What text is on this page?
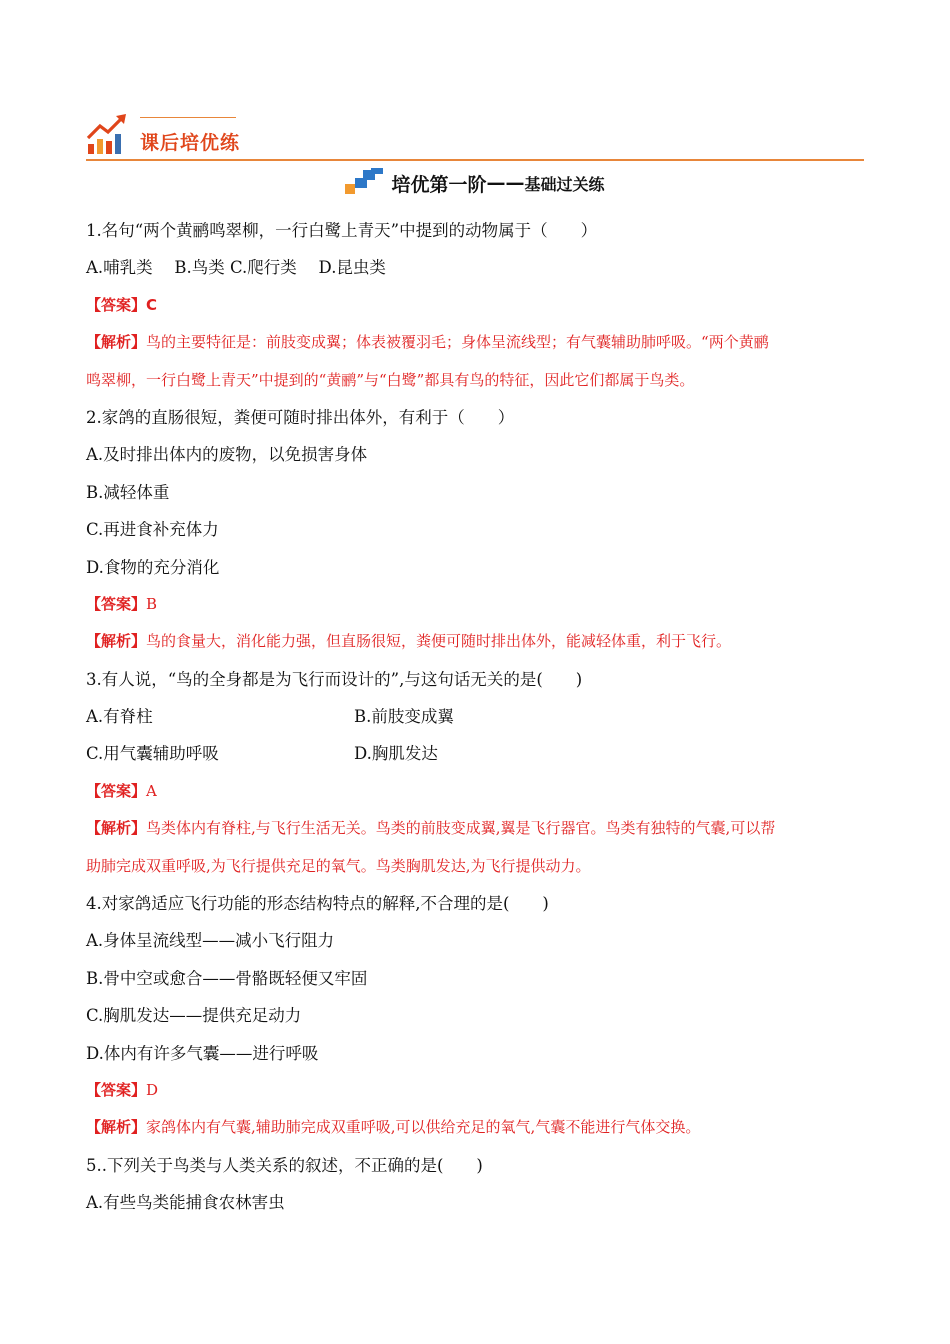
课后培优练
培优第一阶 —— 基础过关练
1.名句“两个黄鹂鸣翠柳，一行白鹭上青天”中提到的动物属于（　　）
A.哺乳类　 B.鸟类 C.爬行类　 D.昆虫类
【答案】C
【解析】鸟的主要特征是：前肢变成翼；体表被覆羽毛；身体呈流线型；有气囊辅助肺呼吸。“两个黄鹂
鸣翠柳，一行白鹭上青天”中提到的“黄鹂”与“白鹭”都具有鸟的特征，因此它们都属于鸟类。
2.家鸽的直肠很短，粪便可随时排出体外，有利于（　　）
A.及时排出体内的废物，以免损害身体
B.减轻体重
C.再进食补充体力
D.食物的充分消化
【答案】B
【解析】鸟的食量大，消化能力强，但直肠很短，粪便可随时排出体外，能减轻体重，利于飞行。
3.有人说，“鸟的全身都是为飞行而设计的”,与这句话无关的是(　　)
A.有脊柱	B.前肢变成翼
C.用气囊辅助呼吸	D.胸肌发达
【答案】A
【解析】鸟类体内有脊柱,与飞行生活无关。鸟类的前肢变成翼,翼是飞行器官。鸟类有独特的气囊,可以帮
助肺完成双重呼吸,为飞行提供充足的氧气。鸟类胸肌发达,为飞行提供动力。
4.对家鸽适应飞行功能的形态结构特点的解释,不合理的是(　　)
A.身体呈流线型——减小飞行阻力
B.骨中空或愈合——骨骼既轻便又牢固
C.胸肌发达——提供充足动力
D.体内有许多气囊——进行呼吸
【答案】D
【解析】家鸽体内有气囊,辅助肺完成双重呼吸,可以供给充足的氧气,气囊不能进行气体交换。
5..下列关于鸟类与人类关系的叙述，不正确的是(　　)
A.有些鸟类能捕食农林害虫
